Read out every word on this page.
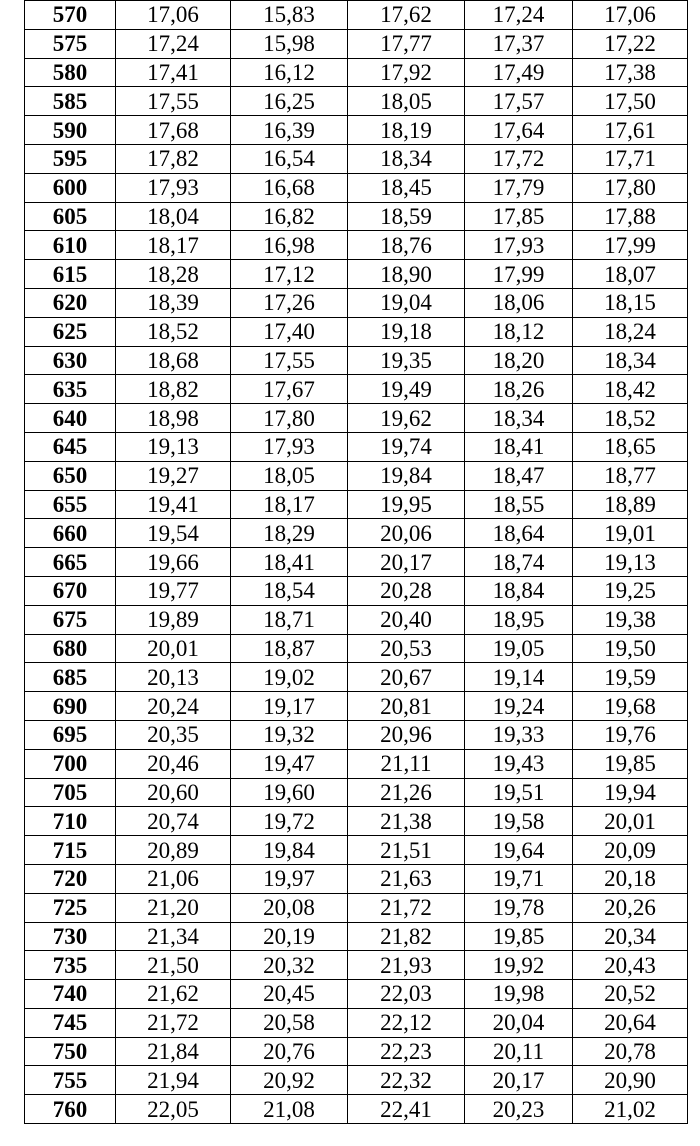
570	17,06	15,83	17,62	17,24	17,06
575	17,24	15,98	17,77	17,37	17,22
580	17,41	16,12	17,92	17,49	17,38
585	17,55	16,25	18,05	17,57	17,50
590	17,68	16,39	18,19	17,64	17,61
595	17,82	16,54	18,34	17,72	17,71
600	17,93	16,68	18,45	17,79	17,80
605	18,04	16,82	18,59	17,85	17,88
610	18,17	16,98	18,76	17,93	17,99
615	18,28	17,12	18,90	17,99	18,07
620	18,39	17,26	19,04	18,06	18,15
625	18,52	17,40	19,18	18,12	18,24
630	18,68	17,55	19,35	18,20	18,34
635	18,82	17,67	19,49	18,26	18,42
640	18,98	17,80	19,62	18,34	18,52
645	19,13	17,93	19,74	18,41	18,65
650	19,27	18,05	19,84	18,47	18,77
655	19,41	18,17	19,95	18,55	18,89
660	19,54	18,29	20,06	18,64	19,01
665	19,66	18,41	20,17	18,74	19,13
670	19,77	18,54	20,28	18,84	19,25
675	19,89	18,71	20,40	18,95	19,38
680	20,01	18,87	20,53	19,05	19,50
685	20,13	19,02	20,67	19,14	19,59
690	20,24	19,17	20,81	19,24	19,68
695	20,35	19,32	20,96	19,33	19,76
700	20,46	19,47	21,11	19,43	19,85
705	20,60	19,60	21,26	19,51	19,94
710	20,74	19,72	21,38	19,58	20,01
715	20,89	19,84	21,51	19,64	20,09
720	21,06	19,97	21,63	19,71	20,18
725	21,20	20,08	21,72	19,78	20,26
730	21,34	20,19	21,82	19,85	20,34
735	21,50	20,32	21,93	19,92	20,43
740	21,62	20,45	22,03	19,98	20,52
745	21,72	20,58	22,12	20,04	20,64
750	21,84	20,76	22,23	20,11	20,78
755	21,94	20,92	22,32	20,17	20,90
760	22,05	21,08	22,41	20,23	21,02
